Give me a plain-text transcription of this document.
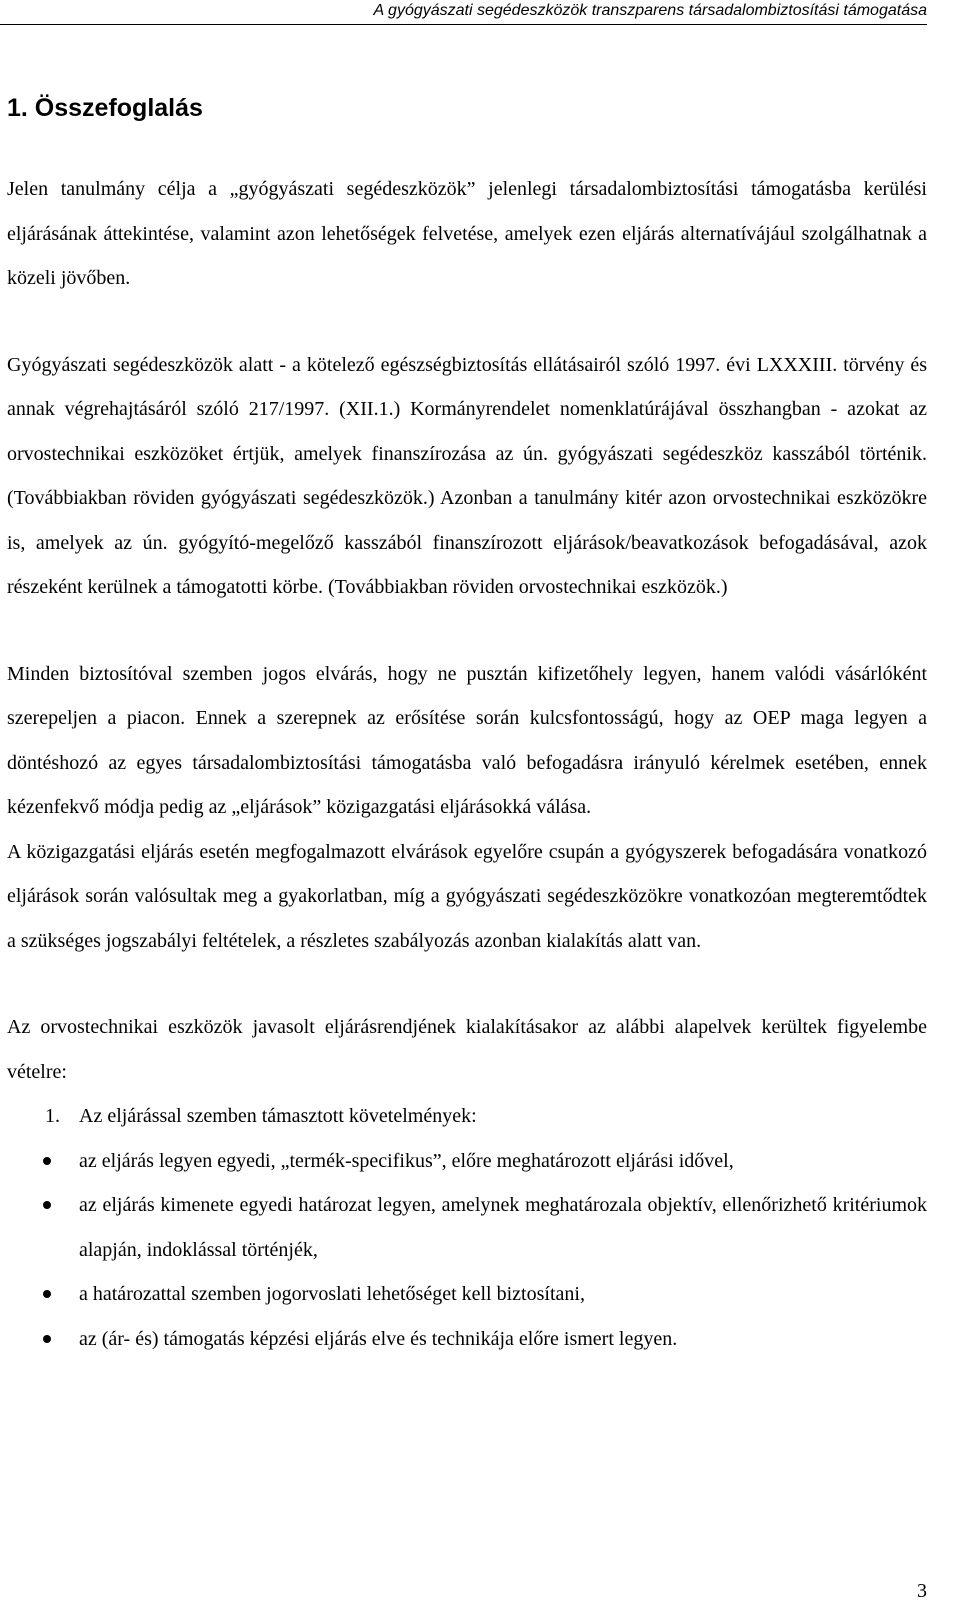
A gyógyászati segédeszközök transzparens társadalombiztosítási támogatása
1. Összefoglalás

Jelen tanulmány célja a „gyógyászati segédeszközök” jelenlegi társadalombiztosítási támogatásba kerülési eljárásának áttekintése, valamint azon lehetőségek felvetése, amelyek ezen eljárás alternatívájául szolgálhatnak a közeli jövőben.

Gyógyászati segédeszközök alatt - a kötelező egészségbiztosítás ellátásairól szóló 1997. évi LXXXIII. törvény és annak végrehajtásáról szóló 217/1997. (XII.1.) Kormányrendelet nomenklatúrájával összhangban - azokat az orvostechnikai eszközöket értjük, amelyek finanszírozása az ún. gyógyászati segédeszköz kasszából történik. (Továbbiakban röviden gyógyászati segédeszközök.) Azonban a tanulmány kitér azon orvostechnikai eszközökre is, amelyek az ún. gyógyító-megelőző kasszából finanszírozott eljárások/beavatkozások befogadásával, azok részeként kerülnek a támogatotti körbe. (Továbbiakban röviden orvostechnikai eszközök.)

Minden biztosítóval szemben jogos elvárás, hogy ne pusztán kifizetőhely legyen, hanem valódi vásárlóként szerepeljen a piacon. Ennek a szerepnek az erősítése során kulcsfontosságú, hogy az OEP maga legyen a döntéshozó az egyes társadalombiztosítási támogatásba való befogadásra irányuló kérelmek esetében, ennek kézenfekvő módja pedig az „eljárások” közigazgatási eljárásokká válása.

A közigazgatási eljárás esetén megfogalmazott elvárások egyelőre csupán a gyógyszerek befogadására vonatkozó eljárások során valósultak meg a gyakorlatban, míg a gyógyászati segédeszközökre vonatkozóan megteremtődtek a szükséges jogszabályi feltételek, a részletes szabályozás azonban kialakítás alatt van.

Az orvostechnikai eszközök javasolt eljárásrendjének kialakításakor az alábbi alapelvek kerültek figyelembe vételre:

1. Az eljárással szemben támasztott követelmények:
az eljárás legyen egyedi, „termék-specifikus”, előre meghatározott eljárási idővel,
az eljárás kimenete egyedi határozat legyen, amelynek meghatározala objektív, ellenőrizhető kritériumok alapján, indoklással történjék,
a határozattal szemben jogorvoslati lehetőséget kell biztosítani,
az (ár- és) támogatás képzési eljárás elve és technikája előre ismert legyen.
3
